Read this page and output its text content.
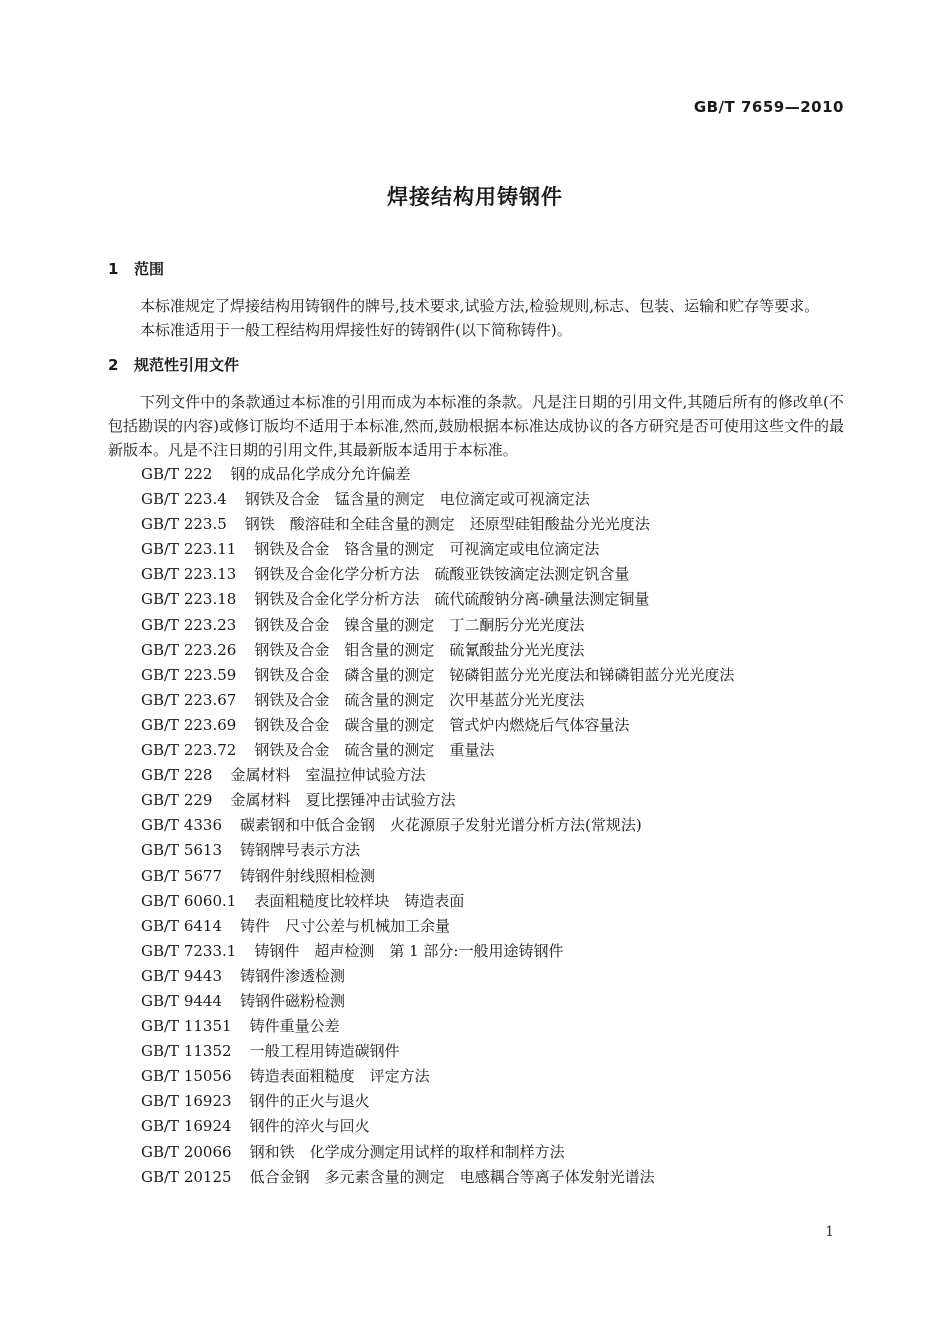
GB/T 7659—2010
焊接结构用铸钢件
1 范围

本标准规定了焊接结构用铸钢件的牌号,技术要求,试验方法,检验规则,标志、包装、运输和贮存等要求。

本标准适用于一般工程结构用焊接性好的铸钢件(以下简称铸件)。

2 规范性引用文件

下列文件中的条款通过本标准的引用而成为本标准的条款。凡是注日期的引用文件,其随后所有的修改单(不包括勘误的内容)或修订版均不适用于本标准,然而,鼓励根据本标准达成协议的各方研究是否可使用这些文件的最新版本。凡是不注日期的引用文件,其最新版本适用于本标准。

GB/T 222 钢的成品化学成分允许偏差
GB/T 223.4 钢铁及合金　锰含量的测定　电位滴定或可视滴定法
GB/T 223.5 钢铁　酸溶硅和全硅含量的测定　还原型硅钼酸盐分光光度法
GB/T 223.11 钢铁及合金　铬含量的测定　可视滴定或电位滴定法
GB/T 223.13 钢铁及合金化学分析方法　硫酸亚铁铵滴定法测定钒含量
GB/T 223.18 钢铁及合金化学分析方法　硫代硫酸钠分离-碘量法测定铜量
GB/T 223.23 钢铁及合金　镍含量的测定　丁二酮肟分光光度法
GB/T 223.26 钢铁及合金　钼含量的测定　硫氰酸盐分光光度法
GB/T 223.59 钢铁及合金　磷含量的测定　铋磷钼蓝分光光度法和锑磷钼蓝分光光度法
GB/T 223.67 钢铁及合金　硫含量的测定　次甲基蓝分光光度法
GB/T 223.69 钢铁及合金　碳含量的测定　管式炉内燃烧后气体容量法
GB/T 223.72 钢铁及合金　硫含量的测定　重量法
GB/T 228 金属材料　室温拉伸试验方法
GB/T 229 金属材料　夏比摆锤冲击试验方法
GB/T 4336 碳素钢和中低合金钢　火花源原子发射光谱分析方法(常规法)
GB/T 5613 铸钢牌号表示方法
GB/T 5677 铸钢件射线照相检测
GB/T 6060.1 表面粗糙度比较样块　铸造表面
GB/T 6414 铸件　尺寸公差与机械加工余量
GB/T 7233.1 铸钢件　超声检测　第 1 部分:一般用途铸钢件
GB/T 9443 铸钢件渗透检测
GB/T 9444 铸钢件磁粉检测
GB/T 11351 铸件重量公差
GB/T 11352 一般工程用铸造碳钢件
GB/T 15056 铸造表面粗糙度　评定方法
GB/T 16923 钢件的正火与退火
GB/T 16924 钢件的淬火与回火
GB/T 20066 钢和铁　化学成分测定用试样的取样和制样方法
GB/T 20125 低合金钢　多元素含量的测定　电感耦合等离子体发射光谱法
1
